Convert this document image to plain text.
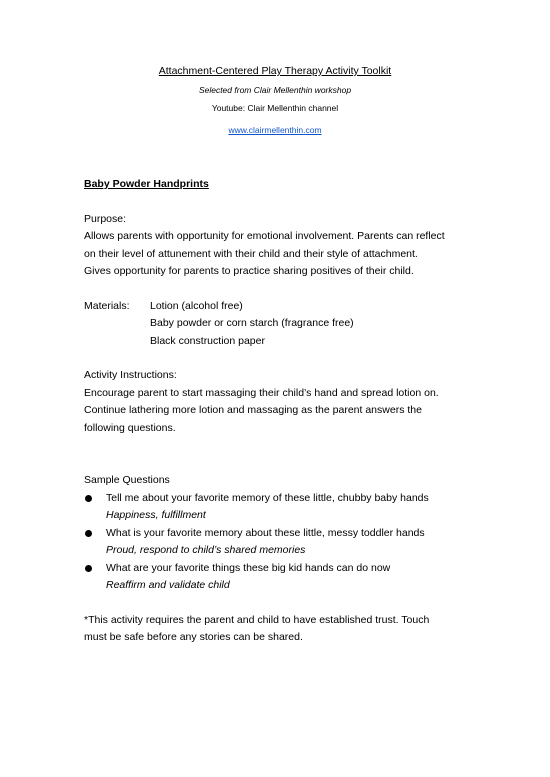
Attachment-Centered Play Therapy Activity Toolkit
Selected from Clair Mellenthin workshop
Youtube: Clair Mellenthin channel
www.clairmellenthin.com
Baby Powder Handprints
Purpose:
Allows parents with opportunity for emotional involvement. Parents can reflect
on their level of attunement with their child and their style of attachment.
Gives opportunity for parents to practice sharing positives of their child.
Materials:	Lotion (alcohol free)
Baby powder or corn starch (fragrance free)
Black construction paper
Activity Instructions:
Encourage parent to start massaging their child’s hand and spread lotion on.
Continue lathering more lotion and massaging as the parent answers the
following questions.
Sample Questions
Tell me about your favorite memory of these little, chubby baby hands
Happiness, fulfillment
What is your favorite memory about these little, messy toddler hands
Proud, respond to child’s shared memories
What are your favorite things these big kid hands can do now
Reaffirm and validate child
*This activity requires the parent and child to have established trust. Touch
must be safe before any stories can be shared.
